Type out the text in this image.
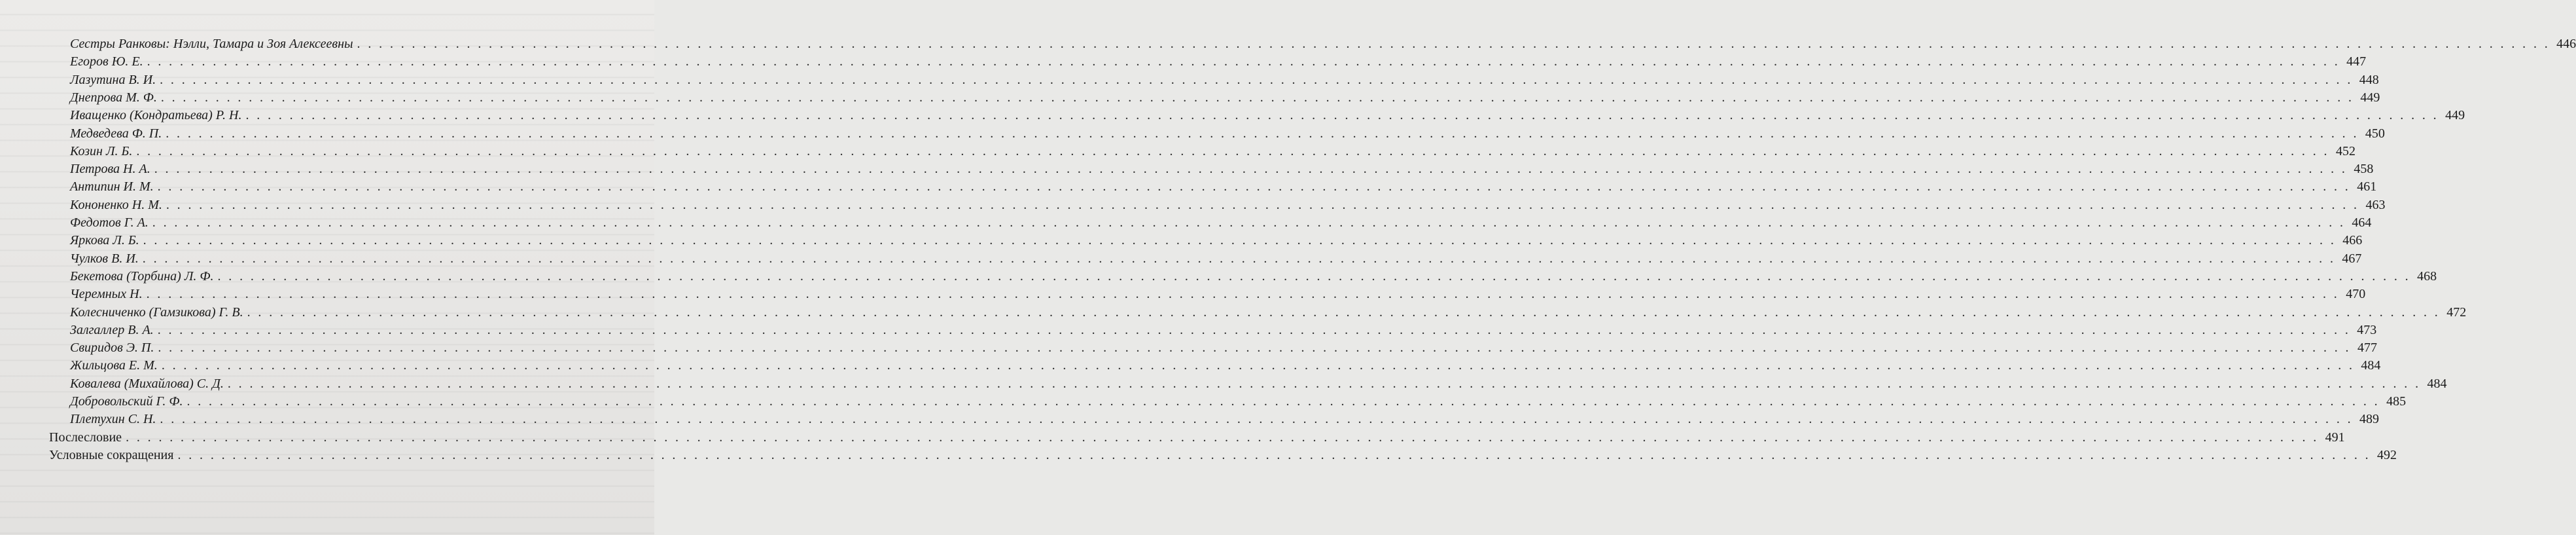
Сестры Ранковы: Нэлли, Тамара и Зоя Алексеевны . . . . . . . . . . . . . . . . . . . . . . . . . . . . . . . . . . . . . . . . . . . . . . . . . . . . . . . . . . . . . . . . . . . . . . . . . . . . . . . . . . . . . . . . . . . . . . . . . . . . . . . . . . . . . . . . . . . . . . . . . . . . . . . . . . . . . . . . . . . . . . . . . . . . . . . . . . . . . . . . . . . . . . . . . . . . . . . . . . . . . . . . . . . . . . . . . . . . . . . . 446
Егоров Ю. Е. . . . . . . . . . . . . . . . . . . . . . . . . . . . . . . . . . . . . . . . . . . . . . . . . . . . . . . . . . . . . . . . . . . . . . . . . . . . . . . . . . . . . . . . . . . . . . . . . . . . . . . . . . . . . . . . . . . . . . . . . . . . . . . . . . . . . . . . . . . . . . . . . . . . . . . . . . . . . . . . . . . . . . . . . . . . . . . . . . . . . . . . . . . . . . . . . . . . . . . . . 447
Лазутина В. И. . . . . . . . . . . . . . . . . . . . . . . . . . . . . . . . . . . . . . . . . . . . . . . . . . . . . . . . . . . . . . . . . . . . . . . . . . . . . . . . . . . . . . . . . . . . . . . . . . . . . . . . . . . . . . . . . . . . . . . . . . . . . . . . . . . . . . . . . . . . . . . . . . . . . . . . . . . . . . . . . . . . . . . . . . . . . . . . . . . . . . . . . . . . . . . . . . . . . . . . . 448
Днепрова М. Ф. . . . . . . . . . . . . . . . . . . . . . . . . . . . . . . . . . . . . . . . . . . . . . . . . . . . . . . . . . . . . . . . . . . . . . . . . . . . . . . . . . . . . . . . . . . . . . . . . . . . . . . . . . . . . . . . . . . . . . . . . . . . . . . . . . . . . . . . . . . . . . . . . . . . . . . . . . . . . . . . . . . . . . . . . . . . . . . . . . . . . . . . . . . . . . . . . . . . . . . . . 449
Иващенко (Кондратьева) Р. Н. . . . . . . . . . . . . . . . . . . . . . . . . . . . . . . . . . . . . . . . . . . . . . . . . . . . . . . . . . . . . . . . . . . . . . . . . . . . . . . . . . . . . . . . . . . . . . . . . . . . . . . . . . . . . . . . . . . . . . . . . . . . . . . . . . . . . . . . . . . . . . . . . . . . . . . . . . . . . . . . . . . . . . . . . . . . . . . . . . . . . . . . . . . . . . . . . . . . . . . . . 449
Медведева Ф. П. . . . . . . . . . . . . . . . . . . . . . . . . . . . . . . . . . . . . . . . . . . . . . . . . . . . . . . . . . . . . . . . . . . . . . . . . . . . . . . . . . . . . . . . . . . . . . . . . . . . . . . . . . . . . . . . . . . . . . . . . . . . . . . . . . . . . . . . . . . . . . . . . . . . . . . . . . . . . . . . . . . . . . . . . . . . . . . . . . . . . . . . . . . . . . . . . . . . . . . . . 450
Козин Л. Б. . . . . . . . . . . . . . . . . . . . . . . . . . . . . . . . . . . . . . . . . . . . . . . . . . . . . . . . . . . . . . . . . . . . . . . . . . . . . . . . . . . . . . . . . . . . . . . . . . . . . . . . . . . . . . . . . . . . . . . . . . . . . . . . . . . . . . . . . . . . . . . . . . . . . . . . . . . . . . . . . . . . . . . . . . . . . . . . . . . . . . . . . . . . . . . . . . . . . . . . . 452
Петрова Н. А. . . . . . . . . . . . . . . . . . . . . . . . . . . . . . . . . . . . . . . . . . . . . . . . . . . . . . . . . . . . . . . . . . . . . . . . . . . . . . . . . . . . . . . . . . . . . . . . . . . . . . . . . . . . . . . . . . . . . . . . . . . . . . . . . . . . . . . . . . . . . . . . . . . . . . . . . . . . . . . . . . . . . . . . . . . . . . . . . . . . . . . . . . . . . . . . . . . . . . . . . 458
Антипин И. М. . . . . . . . . . . . . . . . . . . . . . . . . . . . . . . . . . . . . . . . . . . . . . . . . . . . . . . . . . . . . . . . . . . . . . . . . . . . . . . . . . . . . . . . . . . . . . . . . . . . . . . . . . . . . . . . . . . . . . . . . . . . . . . . . . . . . . . . . . . . . . . . . . . . . . . . . . . . . . . . . . . . . . . . . . . . . . . . . . . . . . . . . . . . . . . . . . . . . . . . . 461
Кононенко Н. М. . . . . . . . . . . . . . . . . . . . . . . . . . . . . . . . . . . . . . . . . . . . . . . . . . . . . . . . . . . . . . . . . . . . . . . . . . . . . . . . . . . . . . . . . . . . . . . . . . . . . . . . . . . . . . . . . . . . . . . . . . . . . . . . . . . . . . . . . . . . . . . . . . . . . . . . . . . . . . . . . . . . . . . . . . . . . . . . . . . . . . . . . . . . . . . . . . . . . . . . . 463
Федотов Г. А. . . . . . . . . . . . . . . . . . . . . . . . . . . . . . . . . . . . . . . . . . . . . . . . . . . . . . . . . . . . . . . . . . . . . . . . . . . . . . . . . . . . . . . . . . . . . . . . . . . . . . . . . . . . . . . . . . . . . . . . . . . . . . . . . . . . . . . . . . . . . . . . . . . . . . . . . . . . . . . . . . . . . . . . . . . . . . . . . . . . . . . . . . . . . . . . . . . . . . . . . 464
Яркова Л. Б. . . . . . . . . . . . . . . . . . . . . . . . . . . . . . . . . . . . . . . . . . . . . . . . . . . . . . . . . . . . . . . . . . . . . . . . . . . . . . . . . . . . . . . . . . . . . . . . . . . . . . . . . . . . . . . . . . . . . . . . . . . . . . . . . . . . . . . . . . . . . . . . . . . . . . . . . . . . . . . . . . . . . . . . . . . . . . . . . . . . . . . . . . . . . . . . . . . . . . . . . 466
Чулков В. И. . . . . . . . . . . . . . . . . . . . . . . . . . . . . . . . . . . . . . . . . . . . . . . . . . . . . . . . . . . . . . . . . . . . . . . . . . . . . . . . . . . . . . . . . . . . . . . . . . . . . . . . . . . . . . . . . . . . . . . . . . . . . . . . . . . . . . . . . . . . . . . . . . . . . . . . . . . . . . . . . . . . . . . . . . . . . . . . . . . . . . . . . . . . . . . . . . . . . . . . . 467
Бекетова (Торбина) Л. Ф. . . . . . . . . . . . . . . . . . . . . . . . . . . . . . . . . . . . . . . . . . . . . . . . . . . . . . . . . . . . . . . . . . . . . . . . . . . . . . . . . . . . . . . . . . . . . . . . . . . . . . . . . . . . . . . . . . . . . . . . . . . . . . . . . . . . . . . . . . . . . . . . . . . . . . . . . . . . . . . . . . . . . . . . . . . . . . . . . . . . . . . . . . . . . . . . . . . . . . . . . 468
Черемных Н. . . . . . . . . . . . . . . . . . . . . . . . . . . . . . . . . . . . . . . . . . . . . . . . . . . . . . . . . . . . . . . . . . . . . . . . . . . . . . . . . . . . . . . . . . . . . . . . . . . . . . . . . . . . . . . . . . . . . . . . . . . . . . . . . . . . . . . . . . . . . . . . . . . . . . . . . . . . . . . . . . . . . . . . . . . . . . . . . . . . . . . . . . . . . . . . . . . . . . . . . 470
Колесниченко (Гамзикова) Г. В. . . . . . . . . . . . . . . . . . . . . . . . . . . . . . . . . . . . . . . . . . . . . . . . . . . . . . . . . . . . . . . . . . . . . . . . . . . . . . . . . . . . . . . . . . . . . . . . . . . . . . . . . . . . . . . . . . . . . . . . . . . . . . . . . . . . . . . . . . . . . . . . . . . . . . . . . . . . . . . . . . . . . . . . . . . . . . . . . . . . . . . . . . . . . . . . . . . . . . . . . 472
Залгаллер В. А. . . . . . . . . . . . . . . . . . . . . . . . . . . . . . . . . . . . . . . . . . . . . . . . . . . . . . . . . . . . . . . . . . . . . . . . . . . . . . . . . . . . . . . . . . . . . . . . . . . . . . . . . . . . . . . . . . . . . . . . . . . . . . . . . . . . . . . . . . . . . . . . . . . . . . . . . . . . . . . . . . . . . . . . . . . . . . . . . . . . . . . . . . . . . . . . . . . . . . . . . 473
Свиридов Э. П. . . . . . . . . . . . . . . . . . . . . . . . . . . . . . . . . . . . . . . . . . . . . . . . . . . . . . . . . . . . . . . . . . . . . . . . . . . . . . . . . . . . . . . . . . . . . . . . . . . . . . . . . . . . . . . . . . . . . . . . . . . . . . . . . . . . . . . . . . . . . . . . . . . . . . . . . . . . . . . . . . . . . . . . . . . . . . . . . . . . . . . . . . . . . . . . . . . . . . . . . 477
Жильцова Е. М. . . . . . . . . . . . . . . . . . . . . . . . . . . . . . . . . . . . . . . . . . . . . . . . . . . . . . . . . . . . . . . . . . . . . . . . . . . . . . . . . . . . . . . . . . . . . . . . . . . . . . . . . . . . . . . . . . . . . . . . . . . . . . . . . . . . . . . . . . . . . . . . . . . . . . . . . . . . . . . . . . . . . . . . . . . . . . . . . . . . . . . . . . . . . . . . . . . . . . . . . 484
Ковалева (Михайлова) С. Д. . . . . . . . . . . . . . . . . . . . . . . . . . . . . . . . . . . . . . . . . . . . . . . . . . . . . . . . . . . . . . . . . . . . . . . . . . . . . . . . . . . . . . . . . . . . . . . . . . . . . . . . . . . . . . . . . . . . . . . . . . . . . . . . . . . . . . . . . . . . . . . . . . . . . . . . . . . . . . . . . . . . . . . . . . . . . . . . . . . . . . . . . . . . . . . . . . . . . . . . . 484
Добровольский Г. Ф. . . . . . . . . . . . . . . . . . . . . . . . . . . . . . . . . . . . . . . . . . . . . . . . . . . . . . . . . . . . . . . . . . . . . . . . . . . . . . . . . . . . . . . . . . . . . . . . . . . . . . . . . . . . . . . . . . . . . . . . . . . . . . . . . . . . . . . . . . . . . . . . . . . . . . . . . . . . . . . . . . . . . . . . . . . . . . . . . . . . . . . . . . . . . . . . . . . . . . . . . 485
Плетухин С. Н. . . . . . . . . . . . . . . . . . . . . . . . . . . . . . . . . . . . . . . . . . . . . . . . . . . . . . . . . . . . . . . . . . . . . . . . . . . . . . . . . . . . . . . . . . . . . . . . . . . . . . . . . . . . . . . . . . . . . . . . . . . . . . . . . . . . . . . . . . . . . . . . . . . . . . . . . . . . . . . . . . . . . . . . . . . . . . . . . . . . . . . . . . . . . . . . . . . . . . . . . 489
Послесловие . . . . . . . . . . . . . . . . . . . . . . . . . . . . . . . . . . . . . . . . . . . . . . . . . . . . . . . . . . . . . . . . . . . . . . . . . . . . . . . . . . . . . . . . . . . . . . . . . . . . . . . . . . . . . . . . . . . . . . . . . . . . . . . . . . . . . . . . . . . . . . . . . . . . . . . . . . . . . . . . . . . . . . . . . . . . . . . . . . . . . . . . . . . . . . . . . . . . . . . . 491
Условные сокращения . . . . . . . . . . . . . . . . . . . . . . . . . . . . . . . . . . . . . . . . . . . . . . . . . . . . . . . . . . . . . . . . . . . . . . . . . . . . . . . . . . . . . . . . . . . . . . . . . . . . . . . . . . . . . . . . . . . . . . . . . . . . . . . . . . . . . . . . . . . . . . . . . . . . . . . . . . . . . . . . . . . . . . . . . . . . . . . . . . . . . . . . . . . . . . . . . . . . . . . . 492
